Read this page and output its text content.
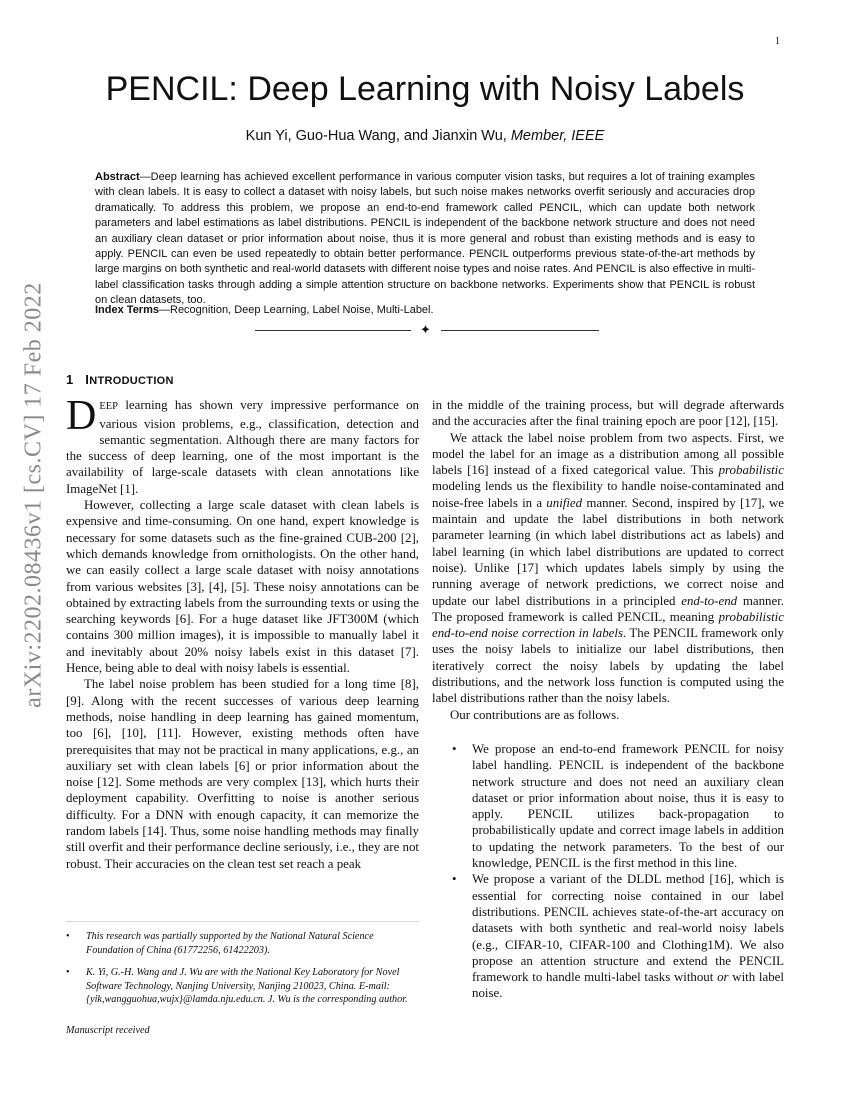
1
arXiv:2202.08436v1 [cs.CV] 17 Feb 2022
PENCIL: Deep Learning with Noisy Labels
Kun Yi, Guo-Hua Wang, and Jianxin Wu, Member, IEEE
Abstract—Deep learning has achieved excellent performance in various computer vision tasks, but requires a lot of training examples with clean labels. It is easy to collect a dataset with noisy labels, but such noise makes networks overfit seriously and accuracies drop dramatically. To address this problem, we propose an end-to-end framework called PENCIL, which can update both network parameters and label estimations as label distributions. PENCIL is independent of the backbone network structure and does not need an auxiliary clean dataset or prior information about noise, thus it is more general and robust than existing methods and is easy to apply. PENCIL can even be used repeatedly to obtain better performance. PENCIL outperforms previous state-of-the-art methods by large margins on both synthetic and real-world datasets with different noise types and noise rates. And PENCIL is also effective in multi-label classification tasks through adding a simple attention structure on backbone networks. Experiments show that PENCIL is robust on clean datasets, too.
Index Terms—Recognition, Deep Learning, Label Noise, Multi-Label.
✦
1 INTRODUCTION

DEEP learning has shown very impressive performance on various vision problems, e.g., classification, detection and semantic segmentation. Although there are many factors for the success of deep learning, one of the most important is the availability of large-scale datasets with clean annotations like ImageNet [1].

However, collecting a large scale dataset with clean labels is expensive and time-consuming. On one hand, expert knowledge is necessary for some datasets such as the fine-grained CUB-200 [2], which demands knowledge from ornithologists. On the other hand, we can easily collect a large scale dataset with noisy annotations from various websites [3], [4], [5]. These noisy annotations can be obtained by extracting labels from the surrounding texts or using the searching keywords [6]. For a huge dataset like JFT300M (which contains 300 million images), it is impossible to manually label it and inevitably about 20% noisy labels exist in this dataset [7]. Hence, being able to deal with noisy labels is essential.

The label noise problem has been studied for a long time [8], [9]. Along with the recent successes of various deep learning methods, noise handling in deep learning has gained momentum, too [6], [10], [11]. However, existing methods often have prerequisites that may not be practical in many applications, e.g., an auxiliary set with clean labels [6] or prior information about the noise [12]. Some methods are very complex [13], which hurts their deployment capability. Overfitting to noise is another serious difficulty. For a DNN with enough capacity, it can memorize the random labels [14]. Thus, some noise handling methods may finally still overfit and their performance decline seriously, i.e., they are not robust. Their accuracies on the clean test set reach a peak

in the middle of the training process, but will degrade afterwards and the accuracies after the final training epoch are poor [12], [15].

We attack the label noise problem from two aspects. First, we model the label for an image as a distribution among all possible labels [16] instead of a fixed categorical value. This probabilistic modeling lends us the flexibility to handle noise-contaminated and noise-free labels in a unified manner. Second, inspired by [17], we maintain and update the label distributions in both network parameter learning (in which label distributions act as labels) and label learning (in which label distributions are updated to correct noise). Unlike [17] which updates labels simply by using the running average of network predictions, we correct noise and update our label distributions in a principled end-to-end manner. The proposed framework is called PENCIL, meaning probabilistic end-to-end noise correction in labels. The PENCIL framework only uses the noisy labels to initialize our label distributions, then iteratively correct the noisy labels by updating the label distributions, and the network loss function is computed using the label distributions rather than the noisy labels.

Our contributions are as follows.

• We propose an end-to-end framework PENCIL for noisy label handling. PENCIL is independent of the backbone network structure and does not need an auxiliary clean dataset or prior information about noise, thus it is easy to apply. PENCIL utilizes back-propagation to probabilistically update and correct image labels in addition to updating the network parameters. To the best of our knowledge, PENCIL is the first method in this line.
• We propose a variant of the DLDL method [16], which is essential for correcting noise contained in our label distributions. PENCIL achieves state-of-the-art accuracy on datasets with both synthetic and real-world noisy labels (e.g., CIFAR-10, CIFAR-100 and Clothing1M). We also propose an attention structure and extend the PENCIL framework to handle multi-label tasks without or with label noise.
•	This research was partially supported by the National Natural Science Foundation of China (61772256, 61422203).
•	K. Yi, G.-H. Wang and J. Wu are with the National Key Laboratory for Novel Software Technology, Nanjing University, Nanjing 210023, China. E-mail: {yik,wangguohua,wujx}@lamda.nju.edu.cn. J. Wu is the corresponding author.
Manuscript received
